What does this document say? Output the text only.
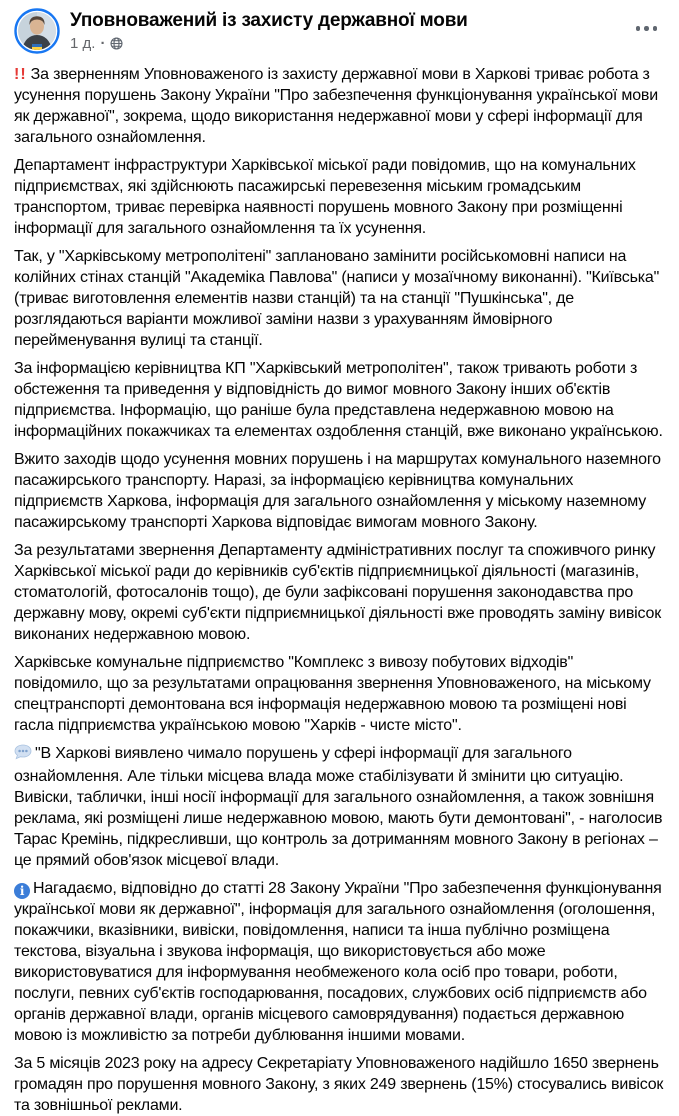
Уповноважений із захисту державної мови
1 д. ·

!! За зверненням Уповноваженого із захисту державної мови в Харкові триває робота з усунення порушень Закону України "Про забезпечення функціонування української мови як державної", зокрема, щодо використання недержавної мови у сфері інформації для загального ознайомлення.

Департамент інфраструктури Харківської міської ради повідомив, що на комунальних підприємствах, які здійснюють пасажирські перевезення міським громадським транспортом, триває перевірка наявності порушень мовного Закону при розміщенні інформації для загального ознайомлення та їх усунення.

Так, у "Харківському метрополітені" заплановано замінити російськомовні написи на колійних стінах станцій "Академіка Павлова" (написи у мозаїчному виконанні). "Київська" (триває виготовлення елементів назви станцій) та на станції "Пушкінська", де розглядаються варіанти можливої заміни назви з урахуванням ймовірного перейменування вулиці та станції.

За інформацією керівництва КП "Харківський метрополітен", також тривають роботи з обстеження та приведення у відповідність до вимог мовного Закону інших об'єктів підприємства. Інформацію, що раніше була представлена недержавною мовою на інформаційних покажчиках та елементах оздоблення станцій, вже виконано українською.

Вжито заходів щодо усунення мовних порушень і на маршрутах комунального наземного пасажирського транспорту. Наразі, за інформацією керівництва комунальних підприємств Харкова, інформація для загального ознайомлення у міському наземному пасажирському транспорті Харкова відповідає вимогам мовного Закону.

За результатами звернення Департаменту адміністративних послуг та споживчого ринку Харківської міської ради до керівників суб'єктів підприємницької діяльності (магазинів, стоматологій, фотосалонів тощо), де були зафіксовані порушення законодавства про державну мову, окремі суб'єкти підприємницької діяльності вже проводять заміну вивісок виконаних недержавною мовою.

Харківське комунальне підприємство "Комплекс з вивозу побутових відходів" повідомило, що за результатами опрацювання звернення Уповноваженого, на міському спецтранспорті демонтована вся інформація недержавною мовою та розміщені нові гасла підприємства українською мовою "Харків - чисте місто".

"В Харкові виявлено чимало порушень у сфері інформації для загального ознайомлення. Але тільки місцева влада може стабілізувати й змінити цю ситуацію. Вивіски, таблички, інші носії інформації для загального ознайомлення, а також зовнішня реклама, які розміщені лише недержавною мовою, мають бути демонтовані", - наголосив Тарас Кремінь, підкресливши, що контроль за дотриманням мовного Закону в регіонах – це прямий обов'язок місцевої влади.

i Нагадаємо, відповідно до статті 28 Закону України "Про забезпечення функціонування української мови як державної", інформація для загального ознайомлення (оголошення, покажчики, вказівники, вивіски, повідомлення, написи та інша публічно розміщена текстова, візуальна і звукова інформація, що використовується або може використовуватися для інформування необмеженого кола осіб про товари, роботи, послуги, певних суб'єктів господарювання, посадових, службових осіб підприємств або органів державної влади, органів місцевого самоврядування) подається державною мовою із можливістю за потреби дублювання іншими мовами.

За 5 місяців 2023 року на адресу Секретаріату Уповноваженого надійшло 1650 звернень громадян про порушення мовного Закону, з яких 249 звернень (15%) стосувались вивісок та зовнішньої реклами.
